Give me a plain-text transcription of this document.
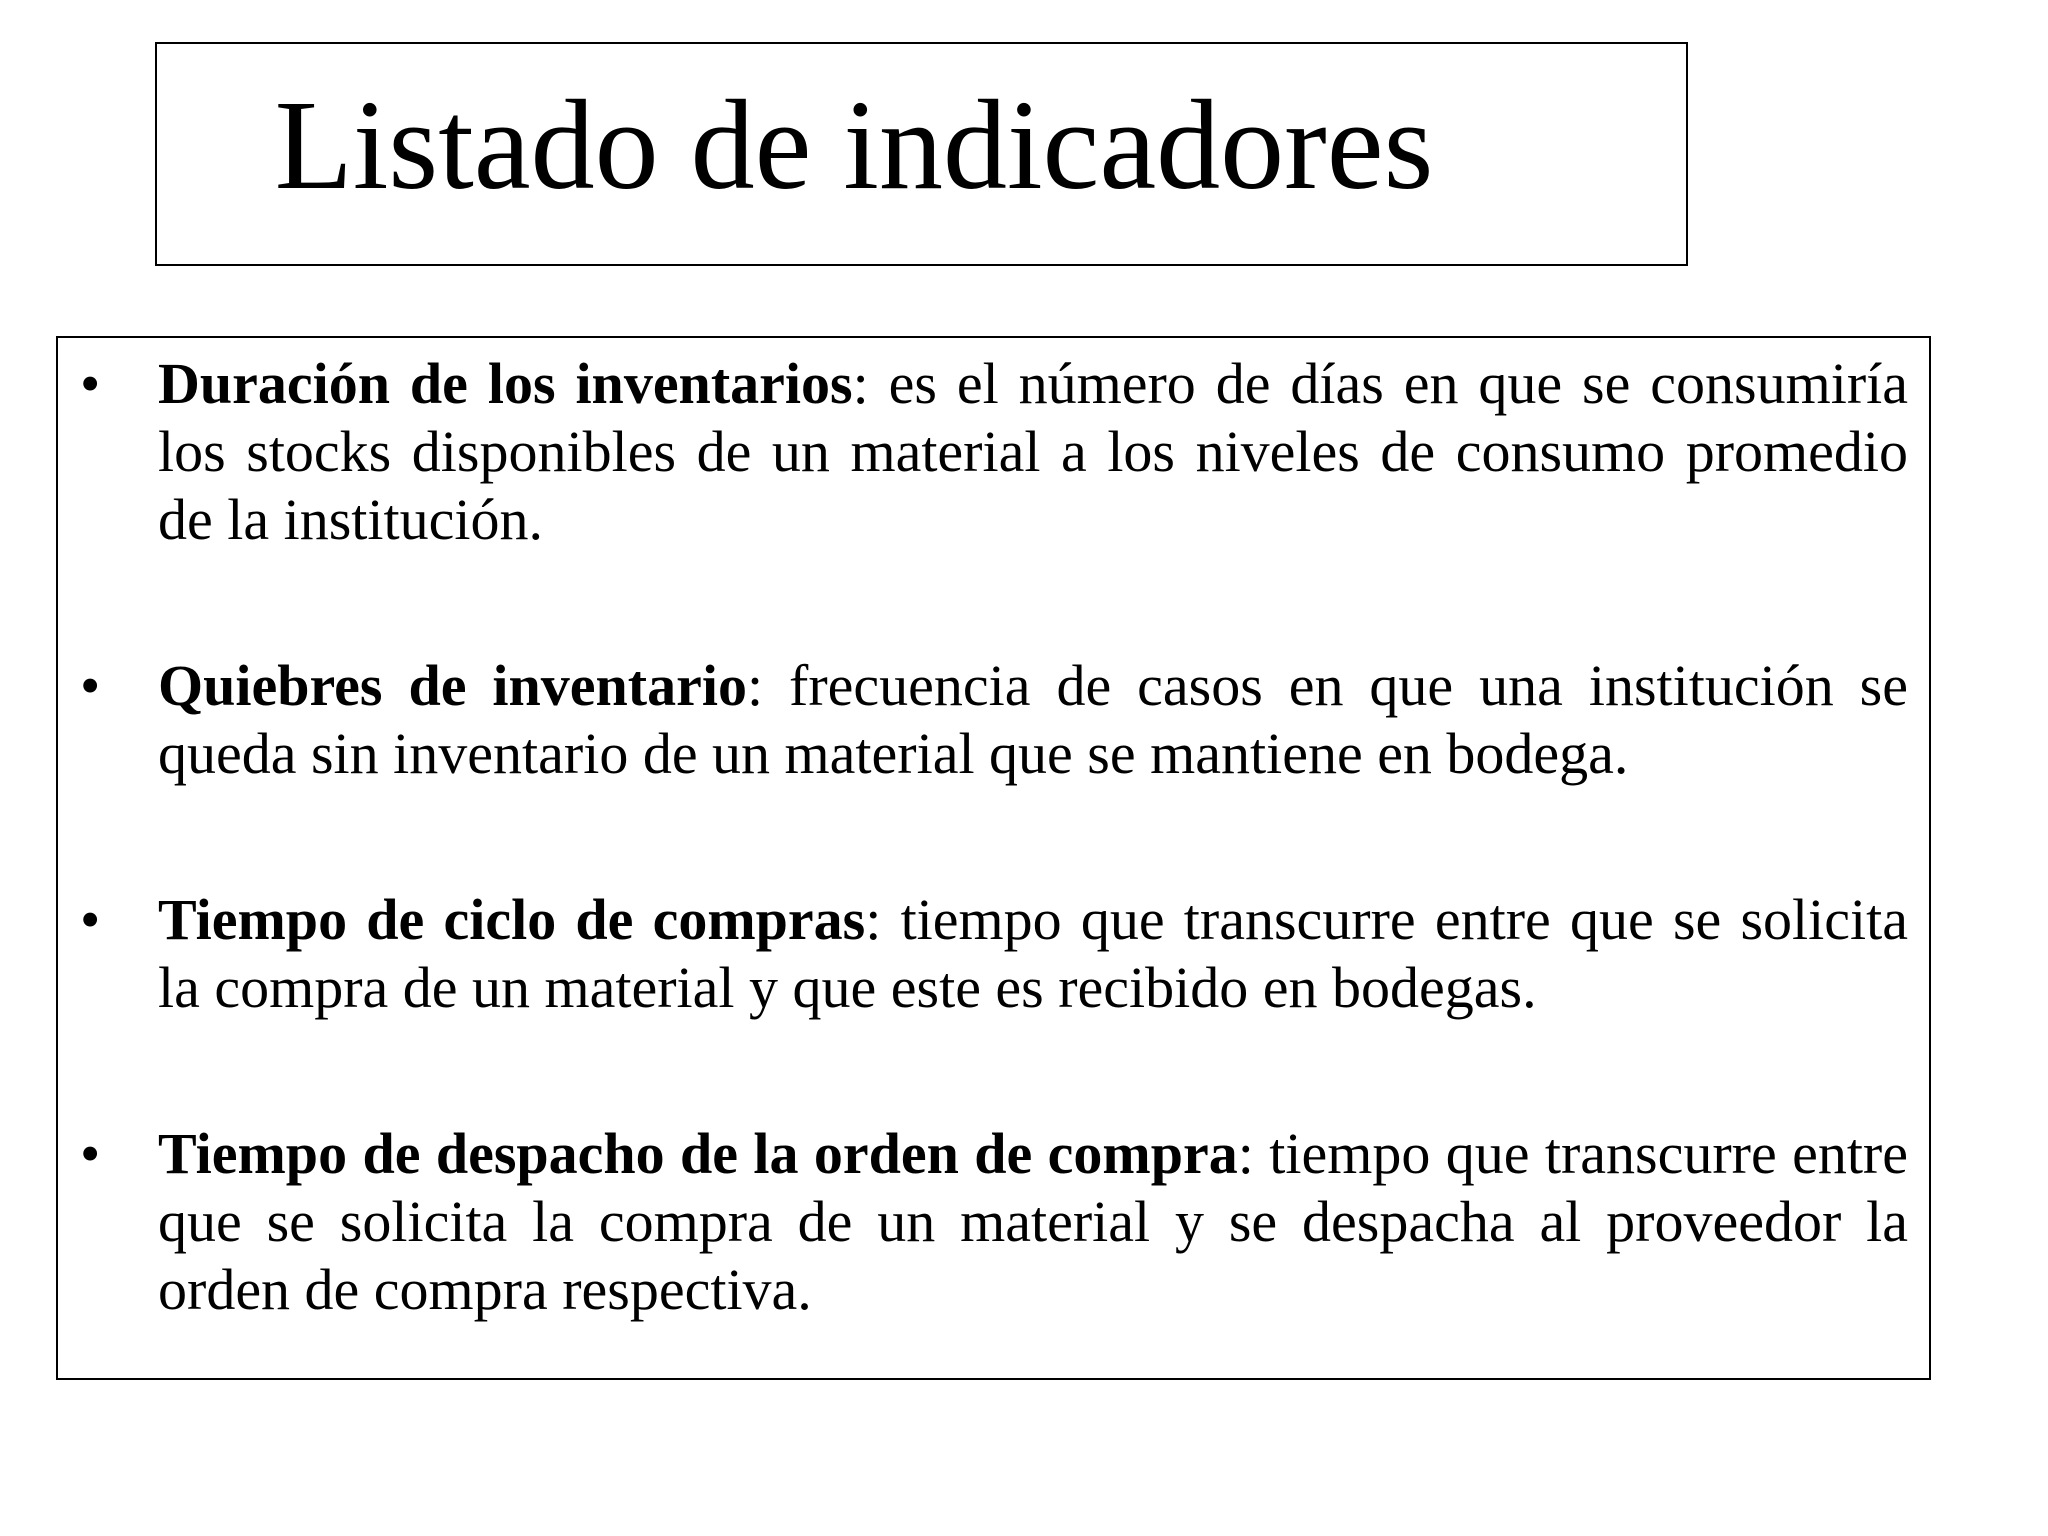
Listado de indicadores
• Duración de los inventarios: es el número de días en que se consumiría los stocks disponibles de un material a los niveles de consumo promedio de la institución.
• Quiebres de inventario: frecuencia de casos en que una institución se queda sin inventario de un material que se mantiene en bodega.
• Tiempo de ciclo de compras: tiempo que transcurre entre que se solicita la compra de un material y que este es recibido en bodegas.
• Tiempo de despacho de la orden de compra: tiempo que transcurre entre que se solicita la compra de un material y se despacha al proveedor la orden de compra respectiva.
